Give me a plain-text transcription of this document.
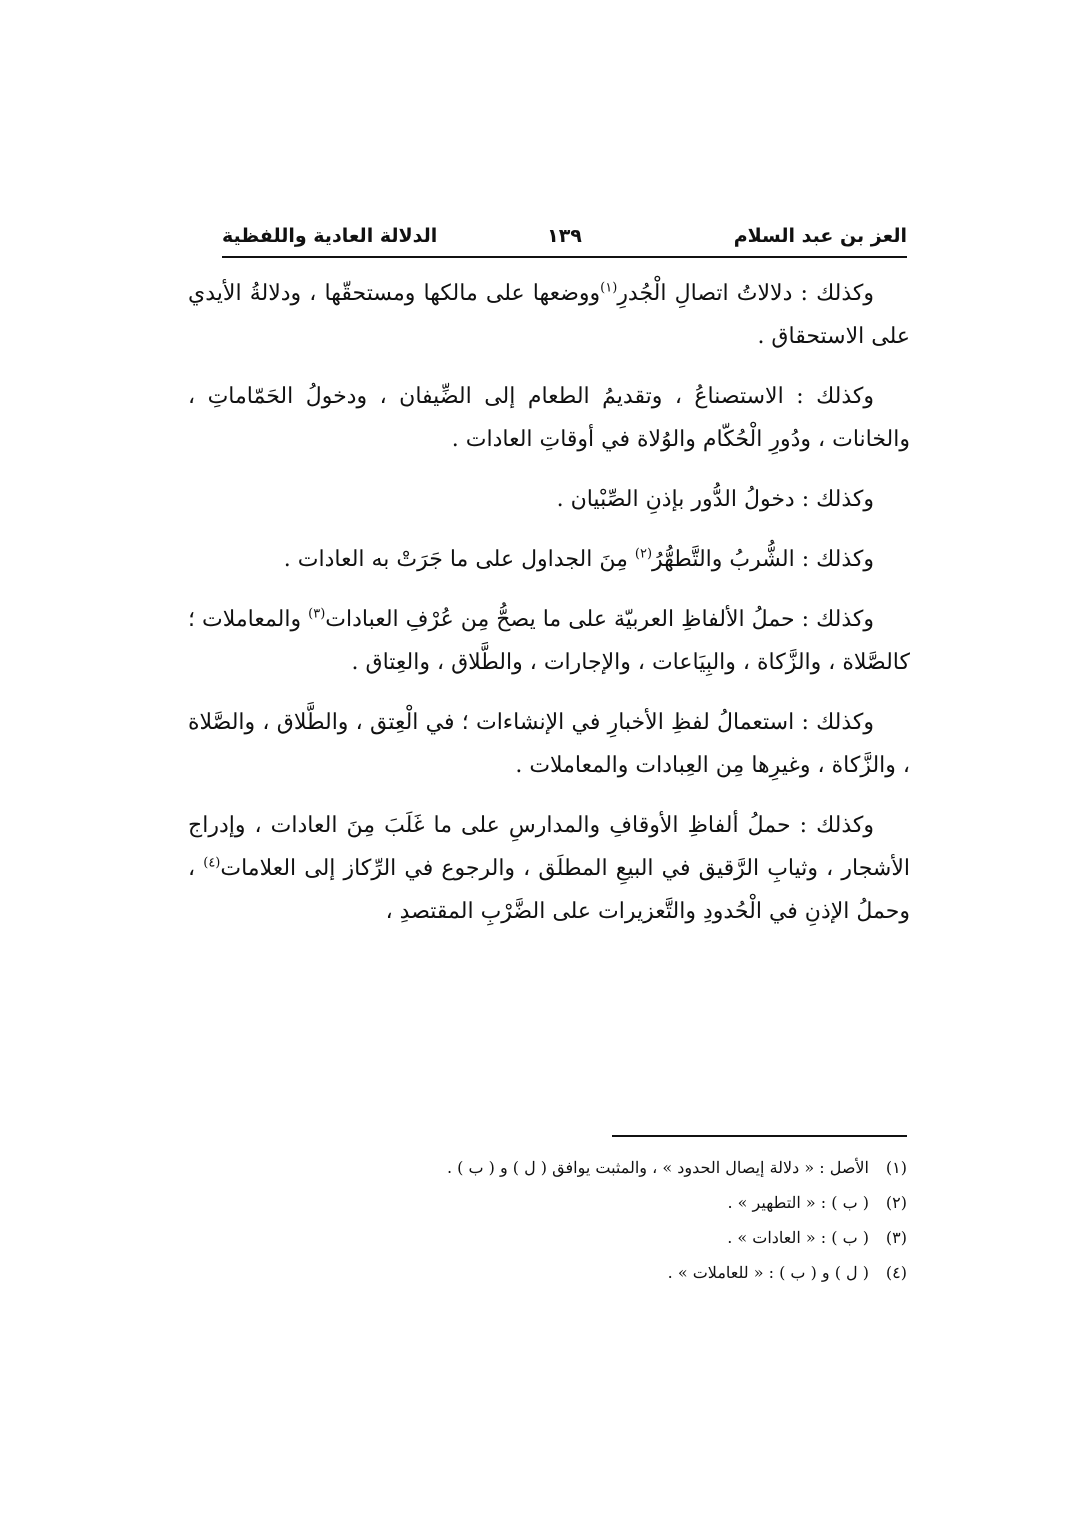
العز بن عبد السلام
١٣٩
الدلالة العادية واللفظية

وكذلك : دلالاتُ اتصالِ الْجُدرِ$^{(١)}$ووضعها على مالكها ومستحقّها ، ودلالةُ الأيدي على الاستحقاق .

وكذلك : الاستصناعُ ، وتقديمُ الطعام إلى الضِّيفان ، ودخولُ الحَمّاماتِ ، والخانات ، ودُورِ الْحُكّام والوُلاة في أوقاتِ العادات .

وكذلك : دخولُ الدُّور بإذنِ الصِّبْيان .

وكذلك : الشُّربُ والتَّطهُّرُ$^{(٢)}$ مِنَ الجداول على ما جَرَتْ به العادات .

وكذلك : حملُ الألفاظِ العربيّة على ما يصحُّ مِن عُرْفِ العبادات$^{(٣)}$ والمعاملات ؛ كالصَّلاة ، والزَّكاة ، والبِيَاعات ، والإجارات ، والطَّلاق ، والعِتاق .

وكذلك : استعمالُ لفظِ الأخبارِ في الإنشاءات ؛ في الْعِتق ، والطَّلاق ، والصَّلاة ، والزَّكاة ، وغيرِها مِن العِبادات والمعاملات .

وكذلك : حملُ ألفاظِ الأوقافِ والمدارسِ على ما غَلَبَ مِنَ العادات ، وإدراج الأشجار ، وثيابِ الرَّقيق في البيعِ المطلَق ، والرجوع في الرِّكاز إلى العلامات$^{(٤)}$ ، وحملُ الإذنِ في الْحُدودِ والتَّعزيرات على الضَّرْبِ المقتصدِ ،

(١)
الأصل : « دلالة إيصال الحدود » ، والمثبت يوافق ( ل ) و ( ب ) .
(٢)
( ب ) : « التطهير » .
(٣)
( ب ) : « العادات » .
(٤)
( ل ) و ( ب ) : « للعاملات » .
